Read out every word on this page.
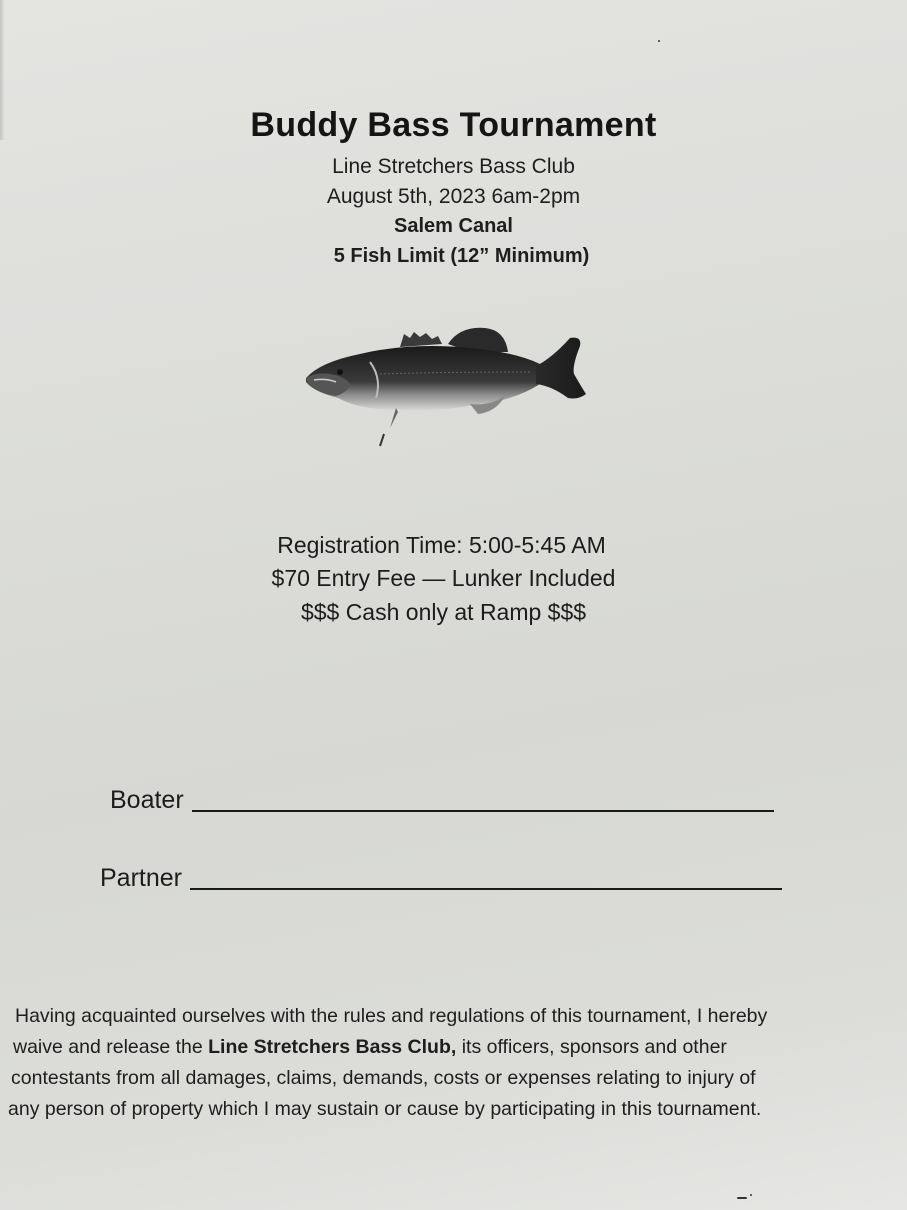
Buddy Bass Tournament
Line Stretchers Bass Club
August 5th, 2023 6am-2pm
Salem Canal
5 Fish Limit (12” Minimum)
Registration Time: 5:00-5:45 AM
$70 Entry Fee — Lunker Included
$$$ Cash only at Ramp $$$
Boater
Partner
Having acquainted ourselves with the rules and regulations of this tournament, I hereby
waive and release the Line Stretchers Bass Club, its officers, sponsors and other
contestants from all damages, claims, demands, costs or expenses relating to injury of
any person of property which I may sustain or cause by participating in this tournament.
